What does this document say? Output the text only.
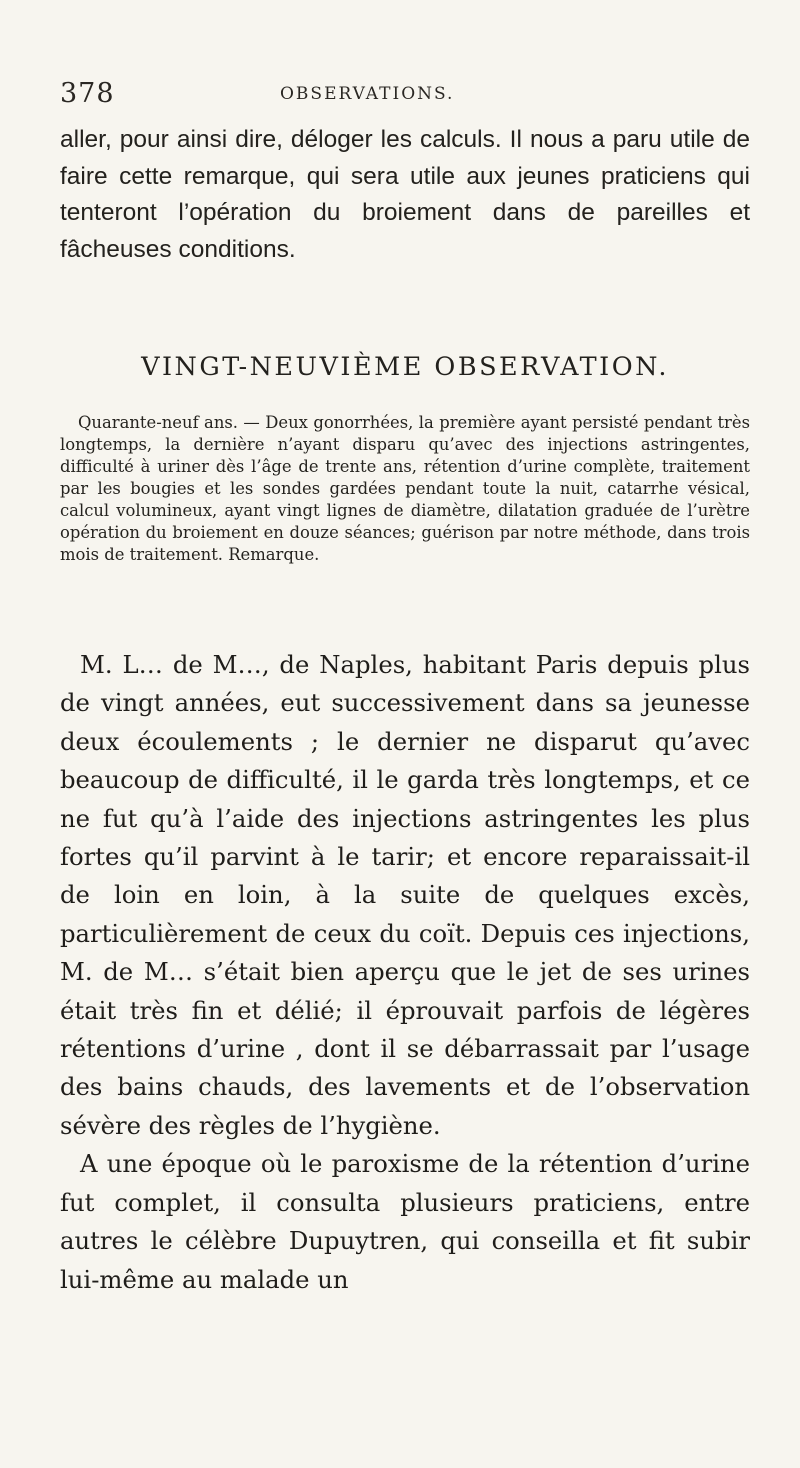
378	OBSERVATIONS.

aller, pour ainsi dire, déloger les calculs. Il nous a paru utile de faire cette remarque, qui sera utile aux jeunes praticiens qui tenteront l’opération du broiement dans de pareilles et fâcheuses conditions.

VINGT-NEUVIÈME OBSERVATION.

Quarante-neuf ans. — Deux gonorrhées, la première ayant persisté pendant très longtemps, la dernière n’ayant disparu qu’avec des injections astringentes, difficulté à uriner dès l’âge de trente ans, rétention d’urine complète, traitement par les bougies et les sondes gardées pendant toute la nuit, catarrhe vésical, calcul volumineux, ayant vingt lignes de diamètre, dilatation graduée de l’urètre opération du broiement en douze séances; guérison par notre méthode, dans trois mois de traitement. Remarque.

M. L… de M…, de Naples, habitant Paris depuis plus de vingt années, eut successivement dans sa jeunesse deux écoulements ; le dernier ne disparut qu’avec beaucoup de difficulté, il le garda très longtemps, et ce ne fut qu’à l’aide des injections astringentes les plus fortes qu’il parvint à le tarir; et encore reparaissait-il de loin en loin, à la suite de quelques excès, particulièrement de ceux du coït. Depuis ces injections, M. de M… s’était bien aperçu que le jet de ses urines était très fin et délié; il éprouvait parfois de légères rétentions d’urine , dont il se débarrassait par l’usage des bains chauds, des lavements et de l’observation sévère des règles de l’hygiène.

A une époque où le paroxisme de la rétention d’urine fut complet, il consulta plusieurs praticiens, entre autres le célèbre Dupuytren, qui conseilla et fit subir lui-même au malade un
